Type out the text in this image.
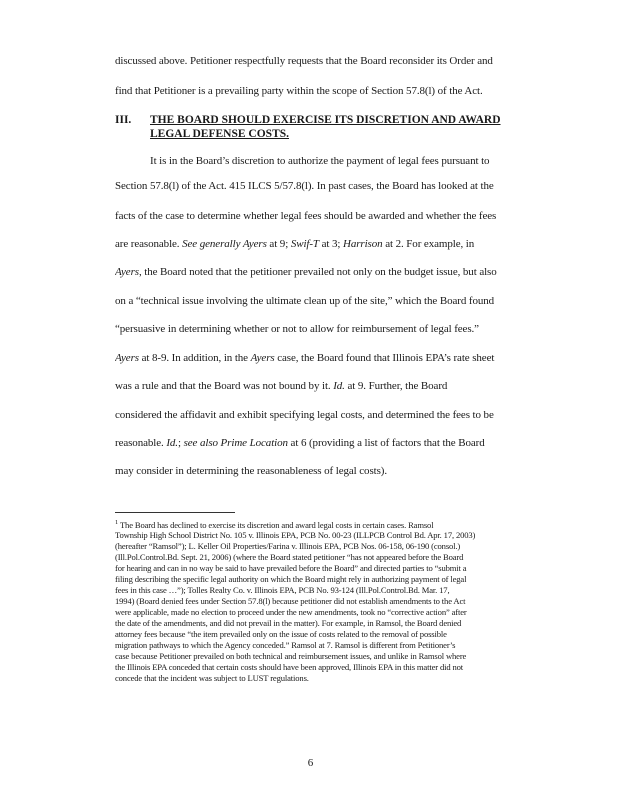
discussed above. Petitioner respectfully requests that the Board reconsider its Order and
find that Petitioner is a prevailing party within the scope of Section 57.8(l) of the Act.
III. THE BOARD SHOULD EXERCISE ITS DISCRETION AND AWARD
LEGAL DEFENSE COSTS.
It is in the Board’s discretion to authorize the payment of legal fees pursuant to
Section 57.8(l) of the Act. 415 ILCS 5/57.8(l). In past cases, the Board has looked at the
facts of the case to determine whether legal fees should be awarded and whether the fees
are reasonable. See generally Ayers at 9; Swif-T at 3; Harrison at 2. For example, in
Ayers, the Board noted that the petitioner prevailed not only on the budget issue, but also
on a “technical issue involving the ultimate clean up of the site,” which the Board found
“persuasive in determining whether or not to allow for reimbursement of legal fees.”
Ayers at 8-9. In addition, in the Ayers case, the Board found that Illinois EPA’s rate sheet
was a rule and that the Board was not bound by it. Id. at 9. Further, the Board
considered the affidavit and exhibit specifying legal costs, and determined the fees to be
reasonable. Id.; see also Prime Location at 6 (providing a list of factors that the Board
may consider in determining the reasonableness of legal costs).
$^1$ The Board has declined to exercise its discretion and award legal costs in certain cases. Ramsol
Township High School District No. 105 v. Illinois EPA, PCB No. 00-23 (ILLPCB Control Bd. Apr. 17, 2003)
(hereafter “Ramsol”); L. Keller Oil Properties/Farina v. Illinois EPA, PCB Nos. 06-158, 06-190 (consol.)
(Ill.Pol.Control.Bd. Sept. 21, 2006) (where the Board stated petitioner “has not appeared before the Board
for hearing and can in no way be said to have prevailed before the Board” and directed parties to “submit a
filing describing the specific legal authority on which the Board might rely in authorizing payment of legal
fees in this case …”); Tolles Realty Co. v. Illinois EPA, PCB No. 93-124 (Ill.Pol.Control.Bd. Mar. 17,
1994) (Board denied fees under Section 57.8(l) because petitioner did not establish amendments to the Act
were applicable, made no election to proceed under the new amendments, took no “corrective action” after
the date of the amendments, and did not prevail in the matter). For example, in Ramsol, the Board denied
attorney fees because “the item prevailed only on the issue of costs related to the removal of possible
migration pathways to which the Agency conceded.” Ramsol at 7. Ramsol is different from Petitioner’s
case because Petitioner prevailed on both technical and reimbursement issues, and unlike in Ramsol where
the Illinois EPA conceded that certain costs should have been approved, Illinois EPA in this matter did not
concede that the incident was subject to LUST regulations.
6
